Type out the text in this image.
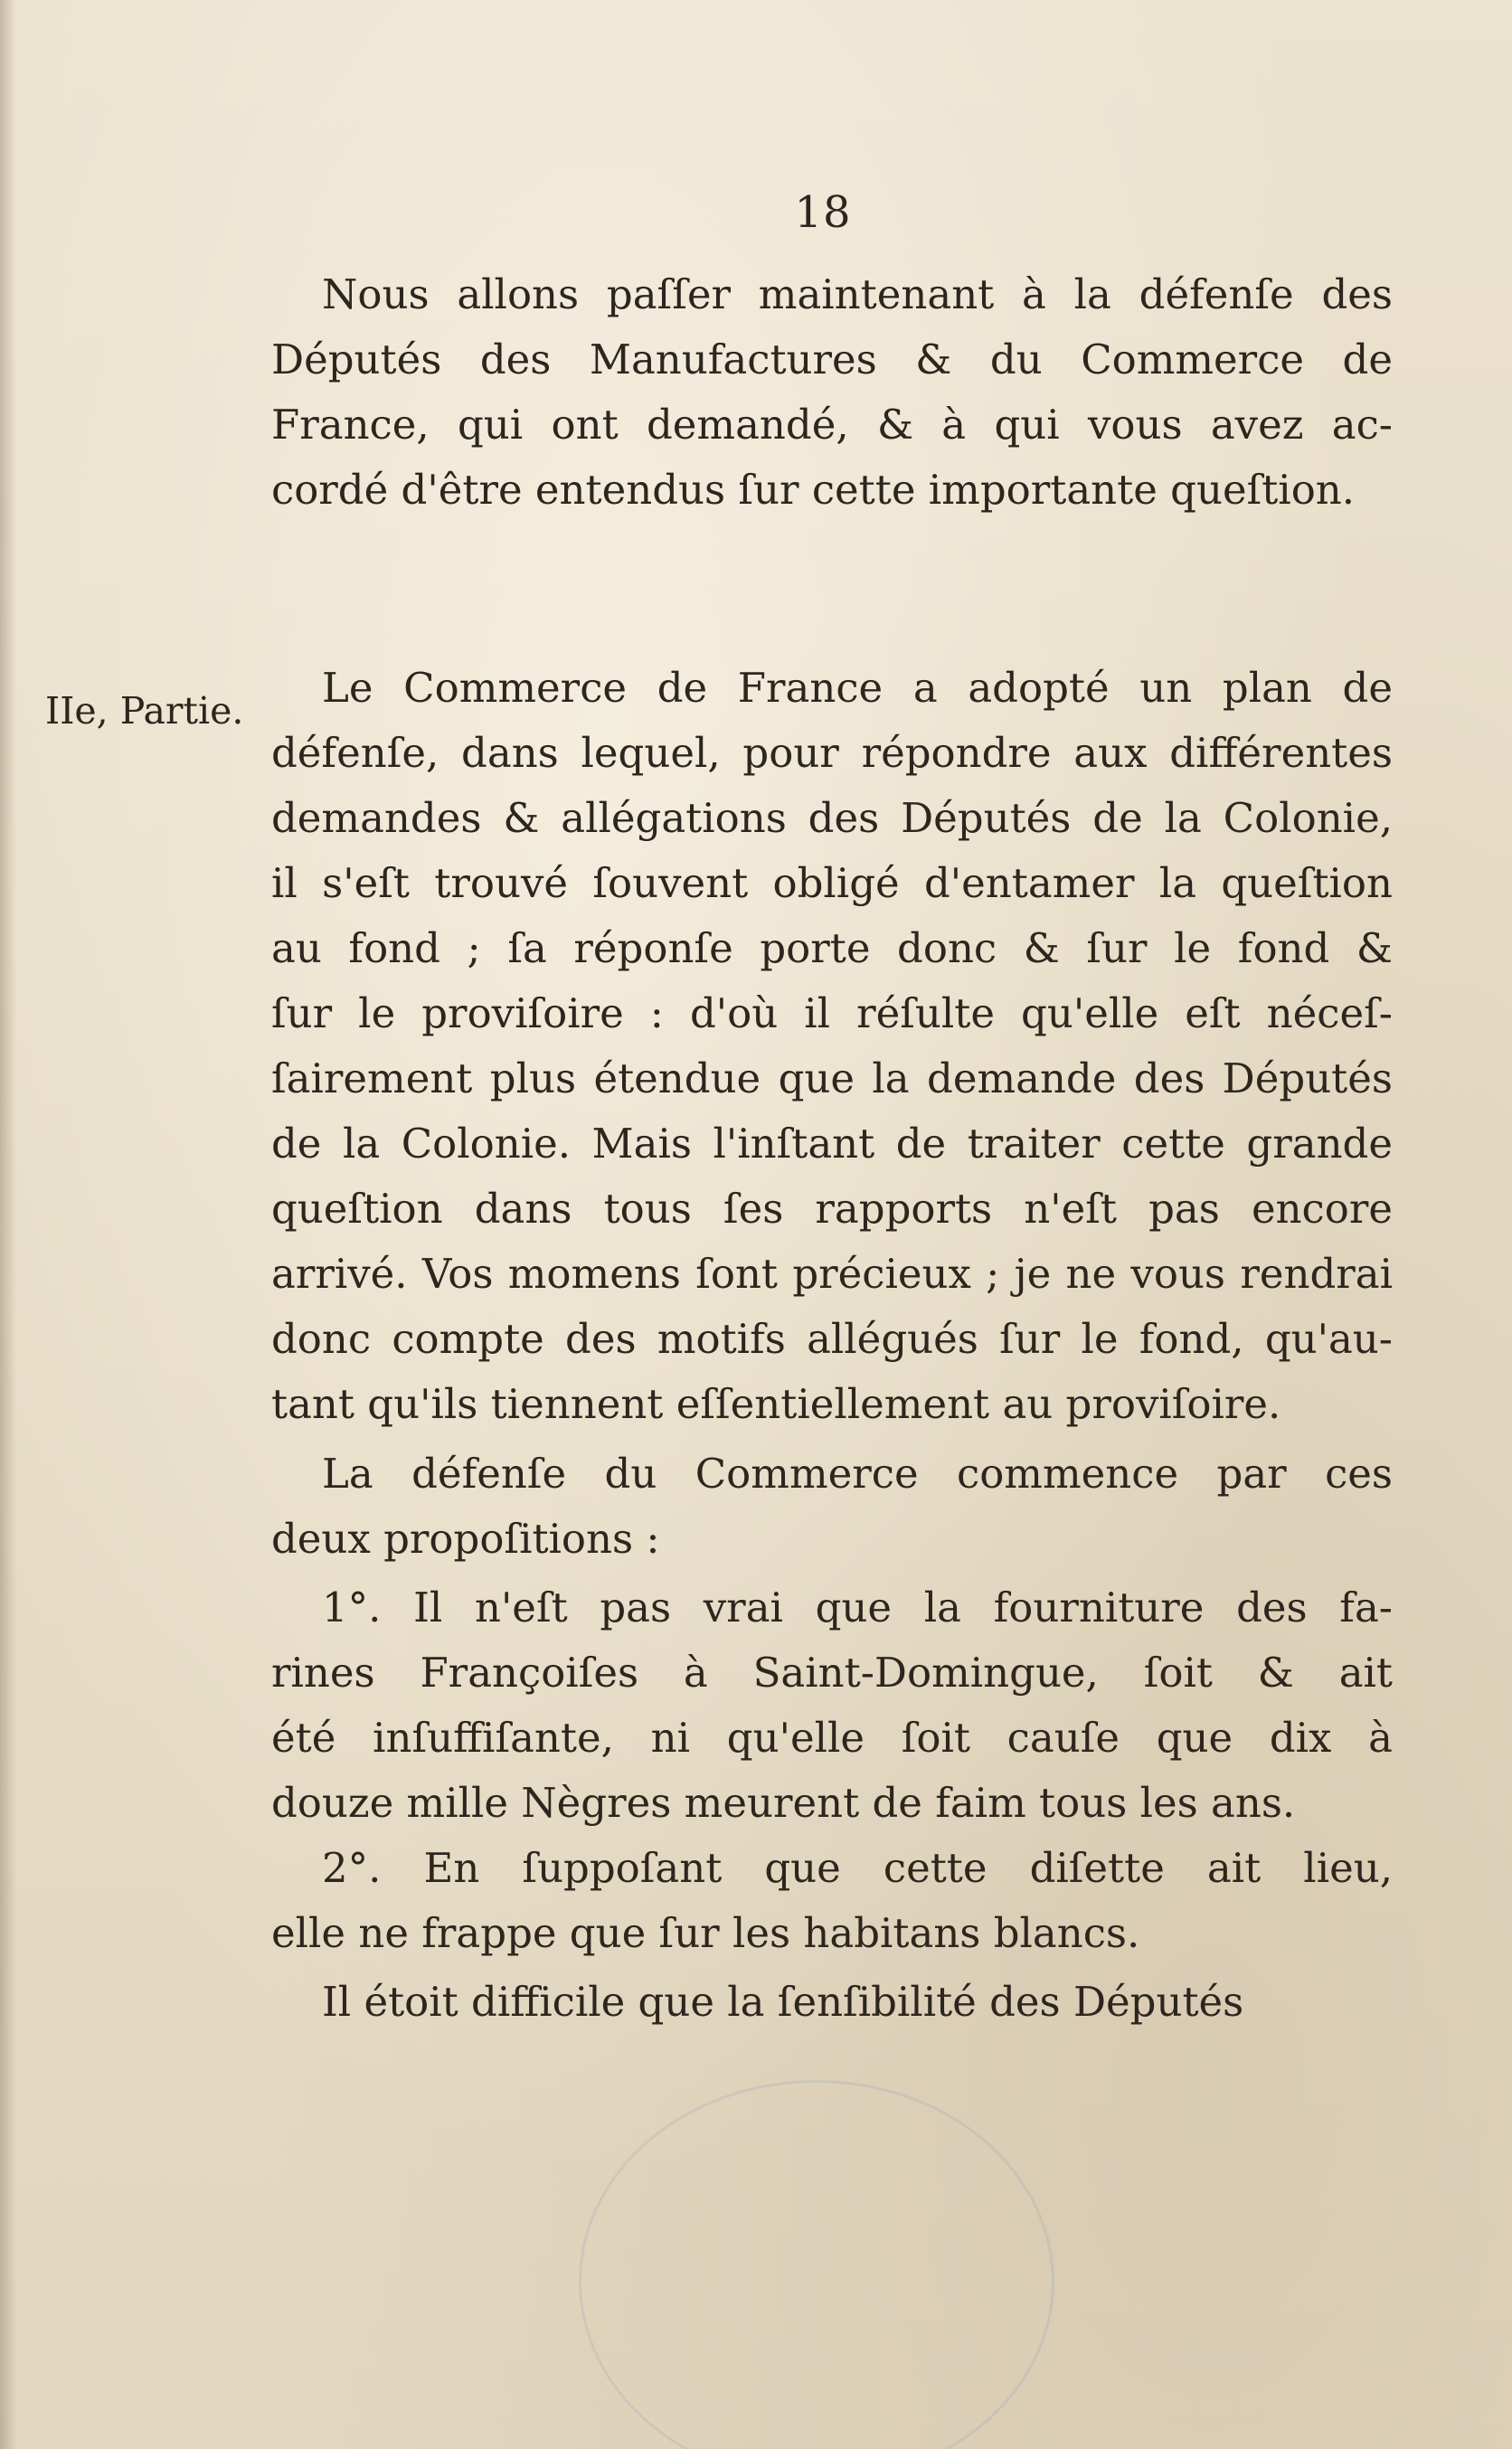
18
IIe, Partie.
Nous allons paſſer maintenant à la défenſe des
Députés des Manufactures & du Commerce de
France, qui ont demandé, & à qui vous avez ac-
cordé d'être entendus ſur cette importante queſtion.
Le Commerce de France a adopté un plan de
défenſe, dans lequel, pour répondre aux différentes
demandes & allégations des Députés de la Colonie,
il s'eſt trouvé ſouvent obligé d'entamer la queſtion
au fond ; ſa réponſe porte donc & ſur le fond &
ſur le proviſoire : d'où il réſulte qu'elle eſt néceſ-
ſairement plus étendue que la demande des Députés
de la Colonie. Mais l'inſtant de traiter cette grande
queſtion dans tous ſes rapports n'eſt pas encore
arrivé. Vos momens ſont précieux ; je ne vous rendrai
donc compte des motifs allégués ſur le fond, qu'au-
tant qu'ils tiennent eſſentiellement au proviſoire.
La défenſe du Commerce commence par ces
deux propoſitions :
1°. Il n'eſt pas vrai que la fourniture des fa-
rines Françoiſes à Saint-Domingue, ſoit & ait
été inſuffiſante, ni qu'elle ſoit cauſe que dix à
douze mille Nègres meurent de faim tous les ans.
2°. En ſuppoſant que cette diſette ait lieu,
elle ne frappe que ſur les habitans blancs.
Il étoit difficile que la ſenſibilité des Députés
